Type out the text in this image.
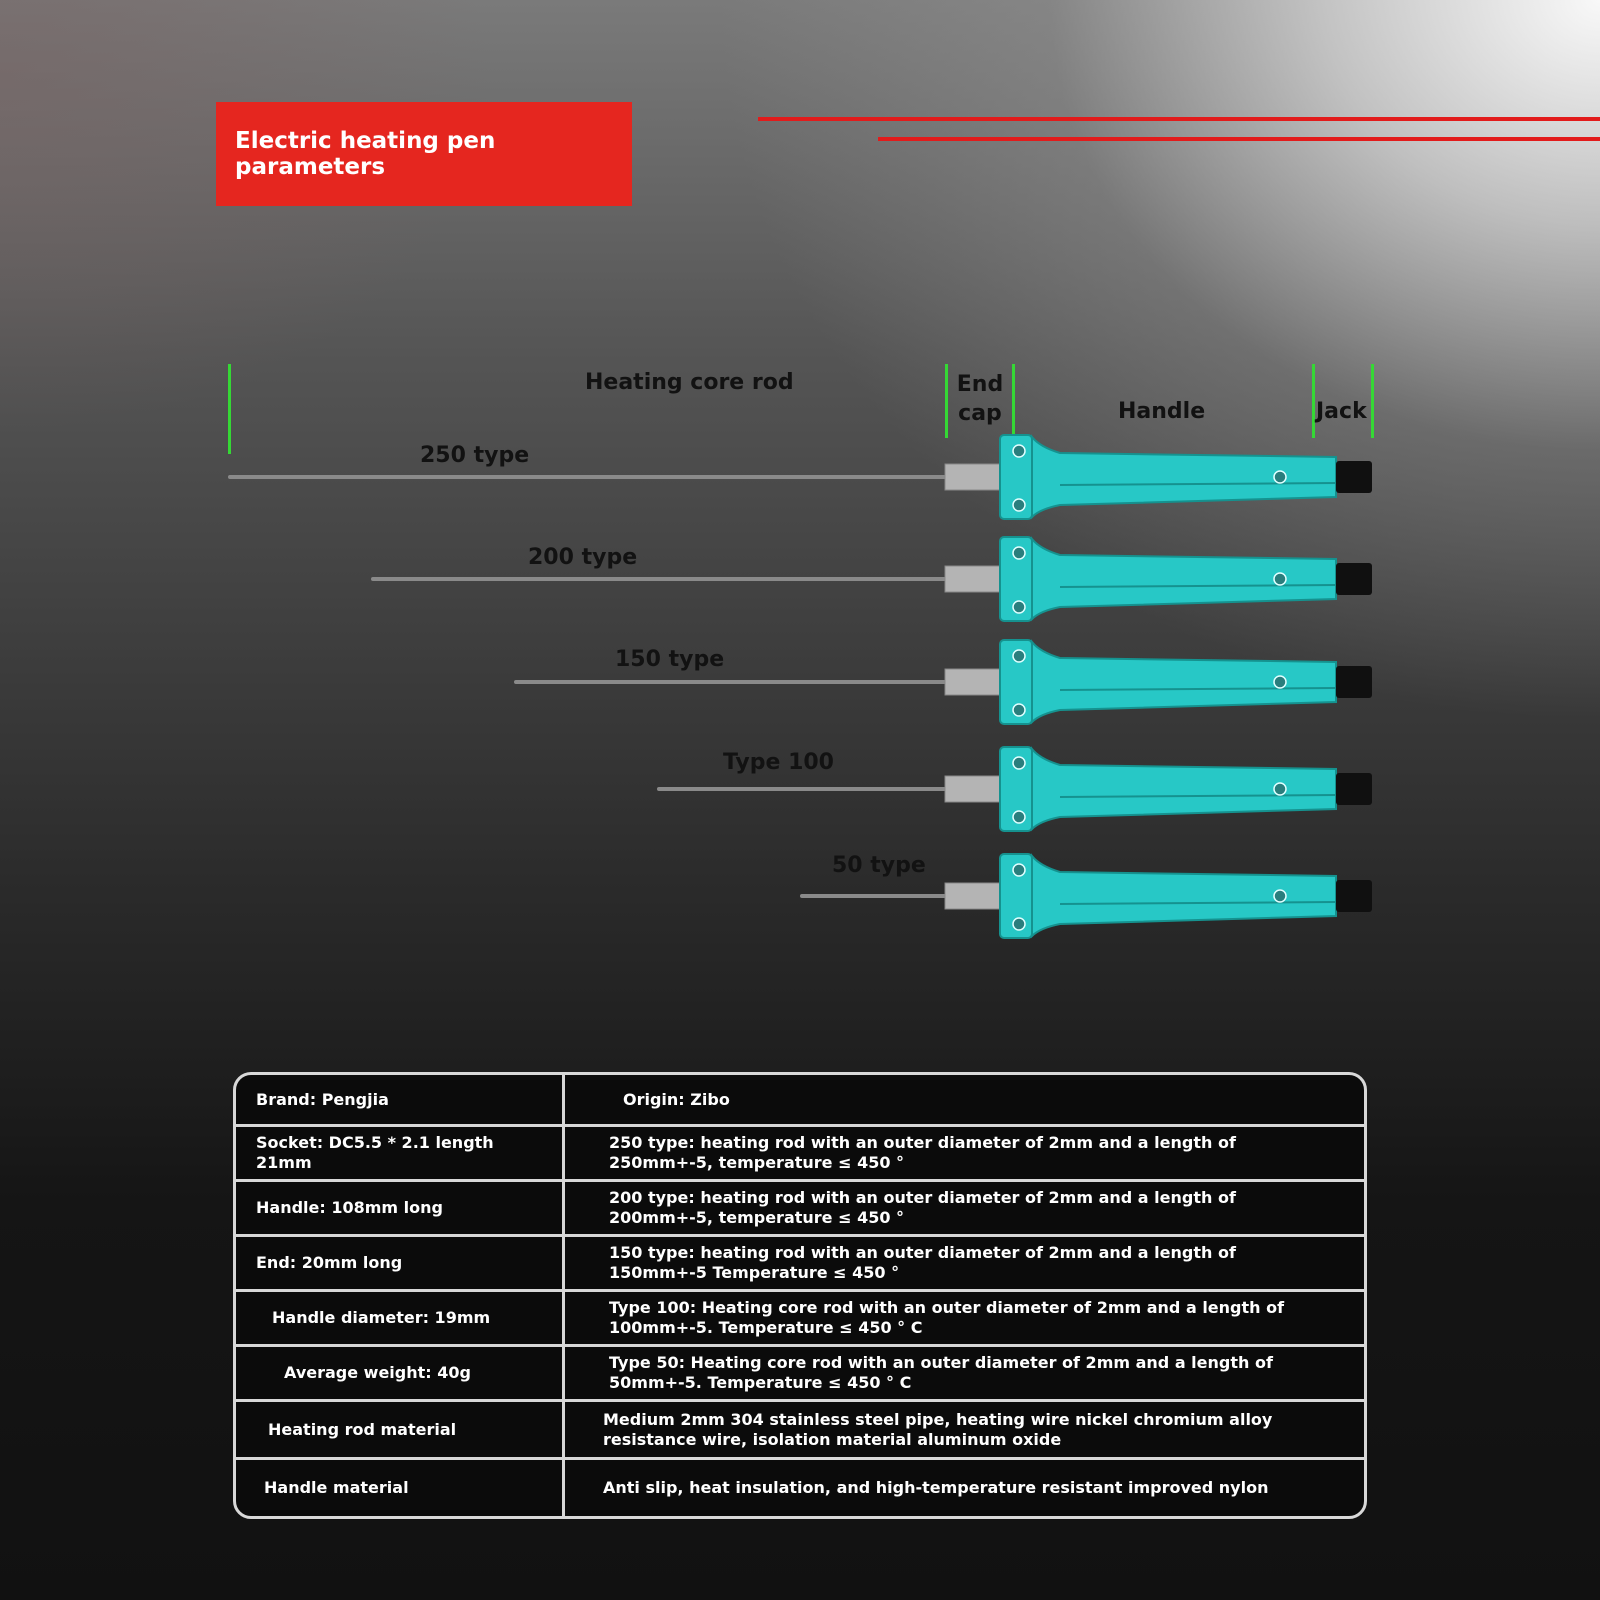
Electric heating pen parameters
Heating core rod	End cap	Handle	Jack
250 type
200 type
150 type
Type 100
50 type
Brand: Pengjia	Origin: Zibo
Socket: DC5.5 * 2.1 length 21mm	250 type: heating rod with an outer diameter of 2mm and a length of 250mm+-5, temperature ≤ 450 °
Handle: 108mm long	200 type: heating rod with an outer diameter of 2mm and a length of 200mm+-5, temperature ≤ 450 °
End: 20mm long	150 type: heating rod with an outer diameter of 2mm and a length of 150mm+-5 Temperature ≤ 450 °
Handle diameter: 19mm	Type 100: Heating core rod with an outer diameter of 2mm and a length of 100mm+-5. Temperature ≤ 450 ° C
Average weight: 40g	Type 50: Heating core rod with an outer diameter of 2mm and a length of 50mm+-5. Temperature ≤ 450 ° C
Heating rod material	Medium 2mm 304 stainless steel pipe, heating wire nickel chromium alloy resistance wire, isolation material aluminum oxide
Handle material	Anti slip, heat insulation, and high-temperature resistant improved nylon
